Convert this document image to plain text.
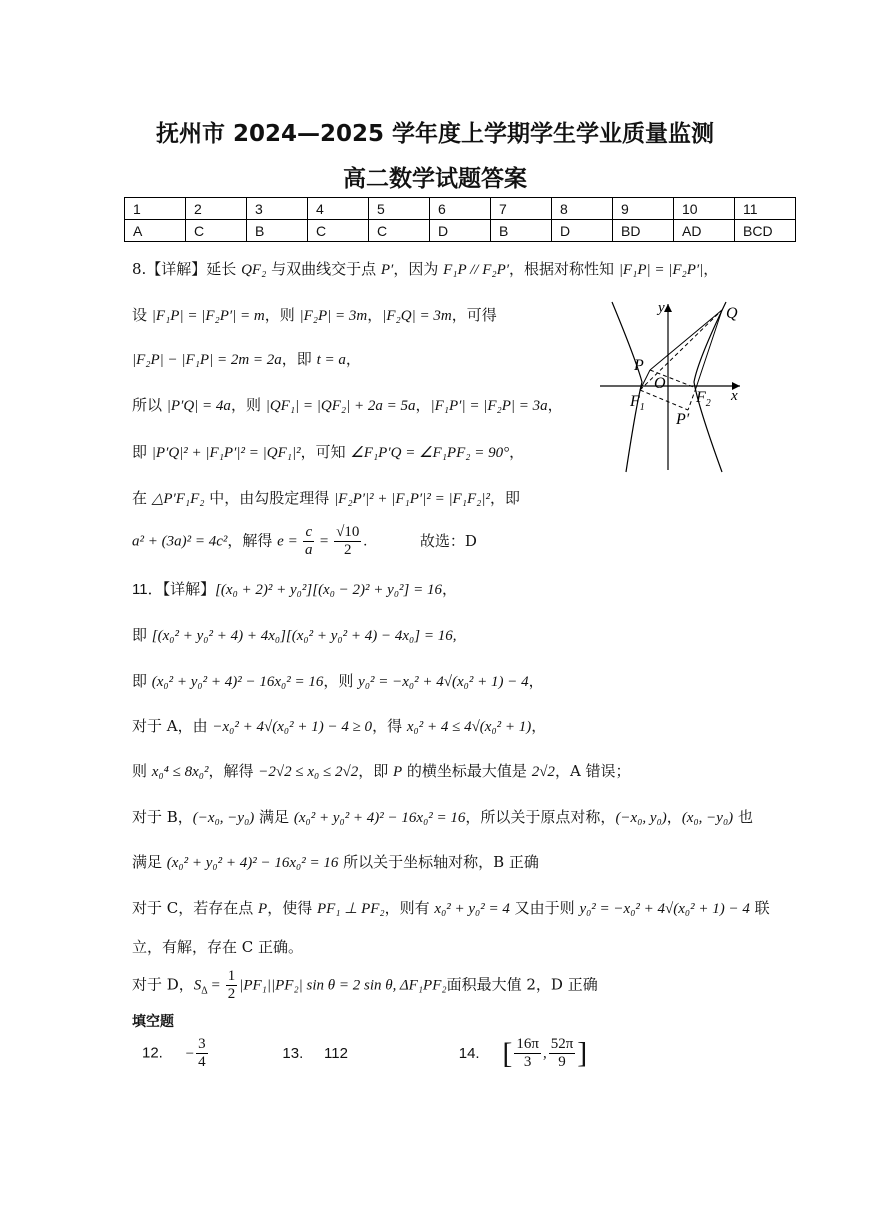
抚州市 2024—2025 学年度上学期学生学业质量监测
高二数学试题答案
1	2	3	4	5	6	7	8	9	10	11
A	C	B	C	C	D	B	D	BD	AD	BCD
8.【详解】延长 QF₂ 与双曲线交于点 P′，因为 F₁P // F₂P′，根据对称性知 |F₁P| = |F₂P′|，
设 |F₁P| = |F₂P′| = m，则 |F₂P| = 3m，|F₂Q| = 3m，可得
|F₂P| − |F₁P| = 2m = 2a，即 t = a，
所以 |P′Q| = 4a，则 |QF₁| = |QF₂| + 2a = 5a，|F₁P′| = |F₂P| = 3a，
即 |P′Q|² + |F₁P′|² = |QF₁|²，可知 ∠F₁P′Q = ∠F₁PF₂ = 90°，
在 △P′F₁F₂ 中，由勾股定理得 |F₂P′|² + |F₁P′|² = |F₁F₂|²，即
a² + (3a)² = 4c²，解得 $e = \frac{c}{a} = \frac{√10}{2}$ .	故选：D
y
x
Q
P
O
$F_1$
$F_2$
P′
11．【详解】[(x₀ + 2)² + y₀²][(x₀ − 2)² + y₀²] = 16，
即 [(x₀² + y₀² + 4) + 4x₀][(x₀² + y₀² + 4) − 4x₀] = 16,
即 (x₀² + y₀² + 4)² − 16x₀² = 16，则 y₀² = −x₀² + 4√(x₀² + 1) − 4，
对于 A，由 −x₀² + 4√(x₀² + 1) − 4 ≥ 0，得 x₀² + 4 ≤ 4√(x₀² + 1)，
则 x₀⁴ ≤ 8x₀²，解得 −2√2 ≤ x₀ ≤ 2√2，即 P 的横坐标最大值是 2√2，A 错误；
对于 B，(−x₀, −y₀) 满足 (x₀² + y₀² + 4)² − 16x₀² = 16，所以关于原点对称，(−x₀, y₀)，(x₀, −y₀) 也
满足 (x₀² + y₀² + 4)² − 16x₀² = 16 所以关于坐标轴对称，B 正确
对于 C，若存在点 P，使得 PF₁ ⊥ PF₂，则有 x₀² + y₀² = 4 又由于则 y₀² = −x₀² + 4√(x₀² + 1) − 4 联
立，有解，存在 C 正确。
对于 D，$S_\Delta = \frac{1}{2} |PF_1||PF_2|$ sin θ = 2 sin θ, ΔF₁PF₂面积最大值 2，D 正确
填空题
12. − $\frac{3}{4}$	13. 112	14. [ $\frac{16\pi}{3}$ , $\frac{52\pi}{9}$ ]
